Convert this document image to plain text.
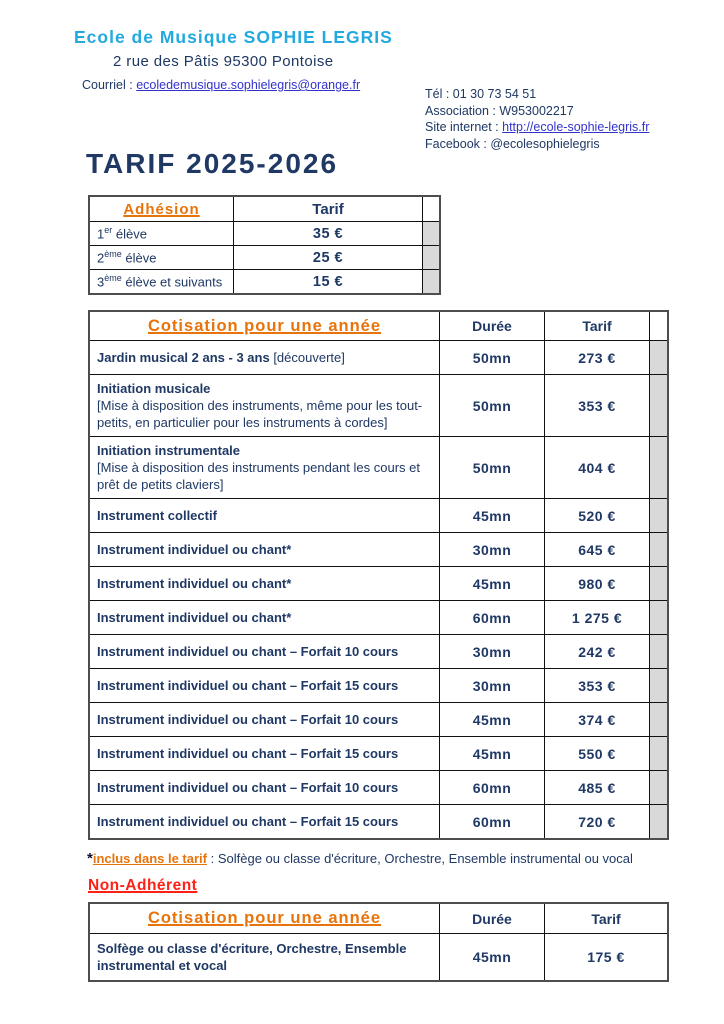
Ecole de Musique SOPHIE LEGRIS
2 rue des Pâtis 95300 Pontoise
Courriel : ecoledemusique.sophielegris@orange.fr
Tél : 01 30 73 54 51
Association : W953002217
Site internet : http://ecole-sophie-legris.fr
Facebook : @ecolesophielegris
TARIF 2025-2026
Adhésion	Tarif
1er élève	35 €
2ème élève	25 €
3ème élève et suivants	15 €
Cotisation pour une année	Durée	Tarif
Jardin musical 2 ans - 3 ans [découverte]	50mn	273 €
Initiation musicale
[Mise à disposition des instruments, même pour les tout-petits, en particulier pour les instruments à cordes]
50mn	353 €
Initiation instrumentale
[Mise à disposition des instruments pendant les cours et prêt de petits claviers]
50mn	404 €
Instrument collectif	45mn	520 €
Instrument individuel ou chant*	30mn	645 €
Instrument individuel ou chant*	45mn	980 €
Instrument individuel ou chant*	60mn	1 275 €
Instrument individuel ou chant – Forfait 10 cours	30mn	242 €
Instrument individuel ou chant – Forfait 15 cours	30mn	353 €
Instrument individuel ou chant – Forfait 10 cours	45mn	374 €
Instrument individuel ou chant – Forfait 15 cours	45mn	550 €
Instrument individuel ou chant – Forfait 10 cours	60mn	485 €
Instrument individuel ou chant – Forfait 15 cours	60mn	720 €
*inclus dans le tarif : Solfège ou classe d'écriture, Orchestre, Ensemble instrumental ou vocal
Non-Adhérent
Cotisation pour une année	Durée	Tarif
Solfège ou classe d'écriture, Orchestre, Ensemble instrumental et vocal
45mn	175 €
